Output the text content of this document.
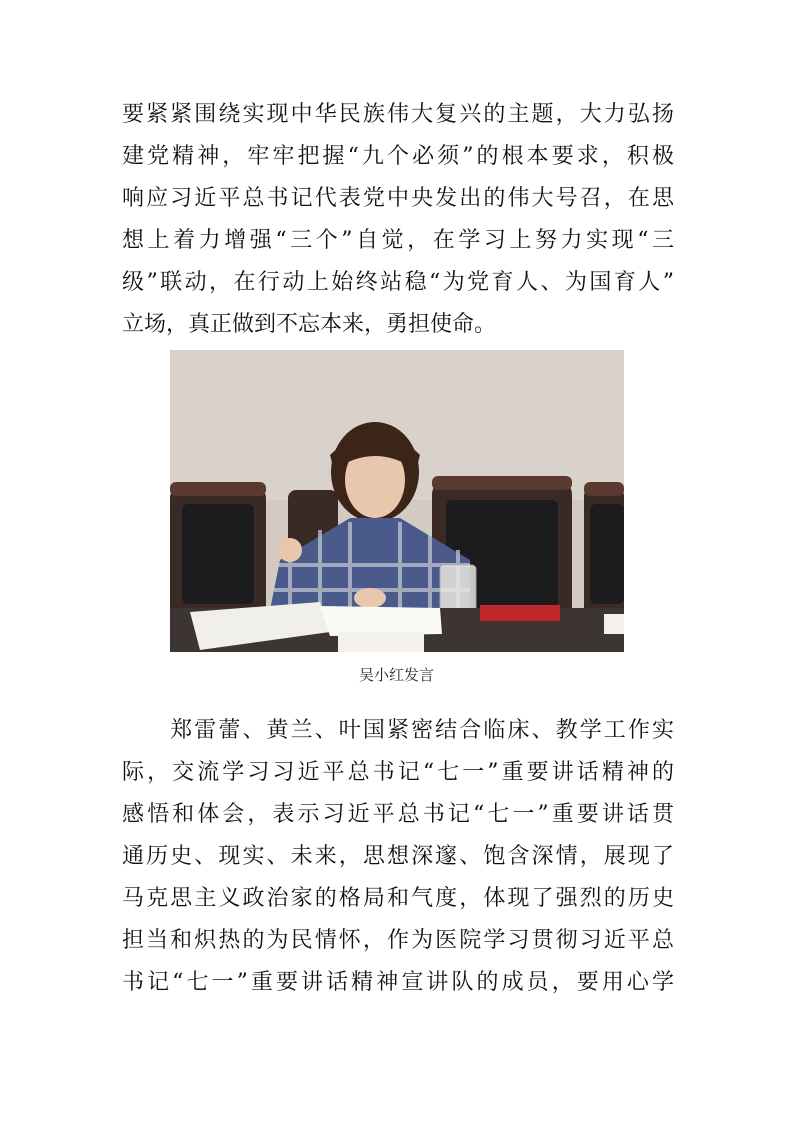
要紧紧围绕实现中华民族伟大复兴的主题，大力弘扬
建党精神，牢牢把握“九个必须”的根本要求，积极
响应习近平总书记代表党中央发出的伟大号召，在思
想上着力增强“三个”自觉，在学习上努力实现“三
级”联动，在行动上始终站稳“为党育人、为国育人”
立场，真正做到不忘本来，勇担使命。
吴小红发言
　　郑雷蕾、黄兰、叶国紧密结合临床、教学工作实
际，交流学习习近平总书记“七一”重要讲话精神的
感悟和体会，表示习近平总书记“七一”重要讲话贯
通历史、现实、未来，思想深邃、饱含深情，展现了
马克思主义政治家的格局和气度，体现了强烈的历史
担当和炽热的为民情怀，作为医院学习贯彻习近平总
书记“七一”重要讲话精神宣讲队的成员，要用心学
